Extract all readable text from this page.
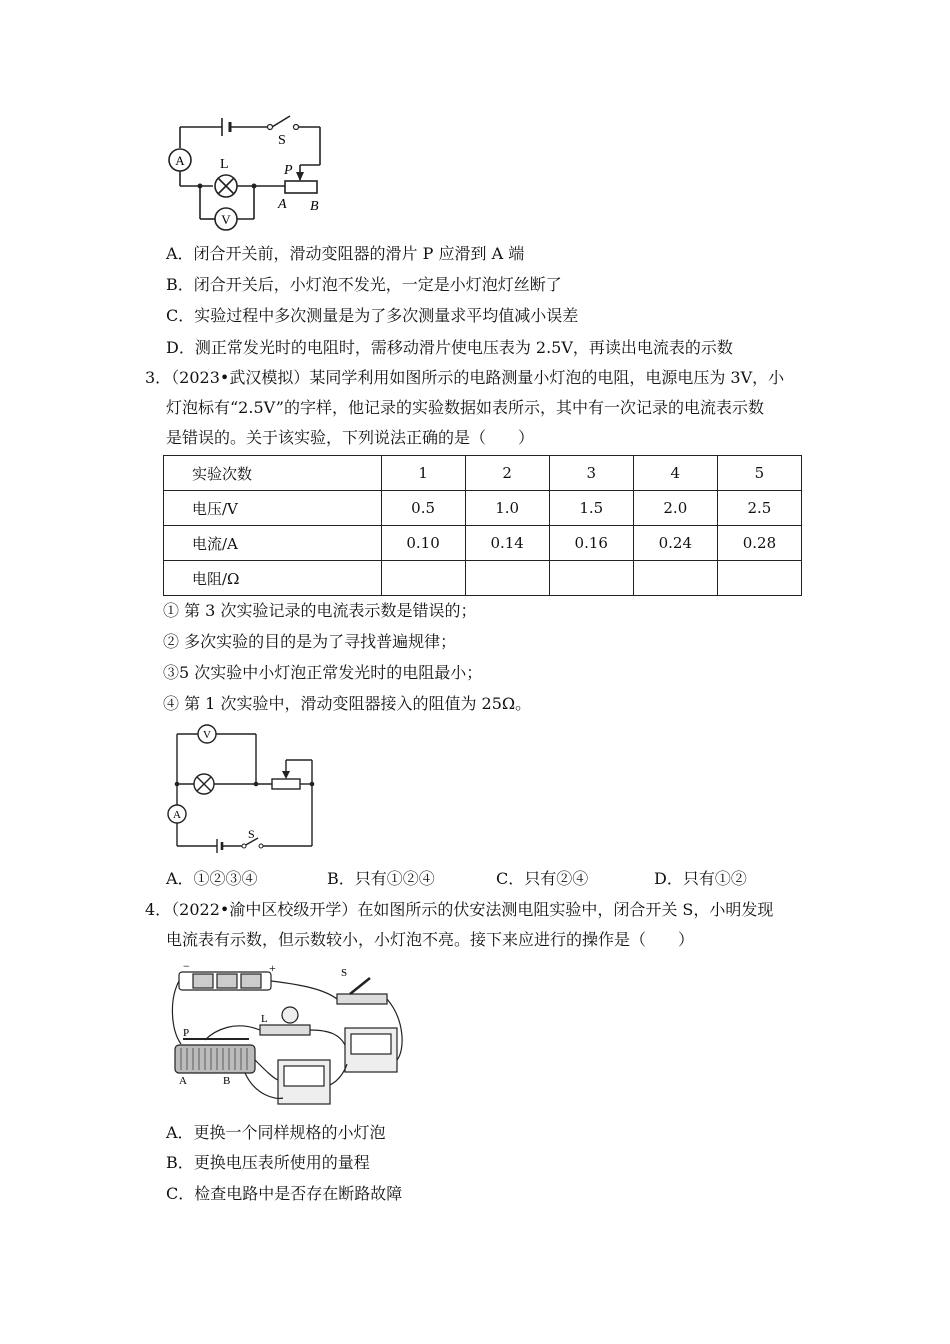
A
V
L
S
P
A B
A．闭合开关前，滑动变阻器的滑片 P 应滑到 A 端
B．闭合开关后，小灯泡不发光，一定是小灯泡灯丝断了
C．实验过程中多次测量是为了多次测量求平均值减小误差
D．测正常发光时的电阻时，需移动滑片使电压表为 2.5V，再读出电流表的示数
3．（2023•武汉模拟）某同学利用如图所示的电路测量小灯泡的电阻，电源电压为 3V，小
灯泡标有“2.5V”的字样，他记录的实验数据如表所示，其中有一次记录的电流表示数
是错误的。关于该实验，下列说法正确的是（　　）
实验次数	1	2	3	4	5
电压/V	0.5	1.0	1.5	2.0	2.5
电流/A	0.10	0.14	0.16	0.24	0.28
电阻/Ω					
① 第 3 次实验记录的电流表示数是错误的；
② 多次实验的目的是为了寻找普遍规律；
③5 次实验中小灯泡正常发光时的电阻最小；
④ 第 1 次实验中，滑动变阻器接入的阻值为 25Ω。
V
A
S
A．①②③④	B．只有①②④	C．只有②④	D．只有①②
4．（2022•渝中区校级开学）在如图所示的伏安法测电阻实验中，闭合开关 S，小明发现
电流表有示数，但示数较小，小灯泡不亮。接下来应进行的操作是（　　）
−	+	S
L
P
A	B
A．更换一个同样规格的小灯泡
B．更换电压表所使用的量程
C．检查电路中是否存在断路故障
